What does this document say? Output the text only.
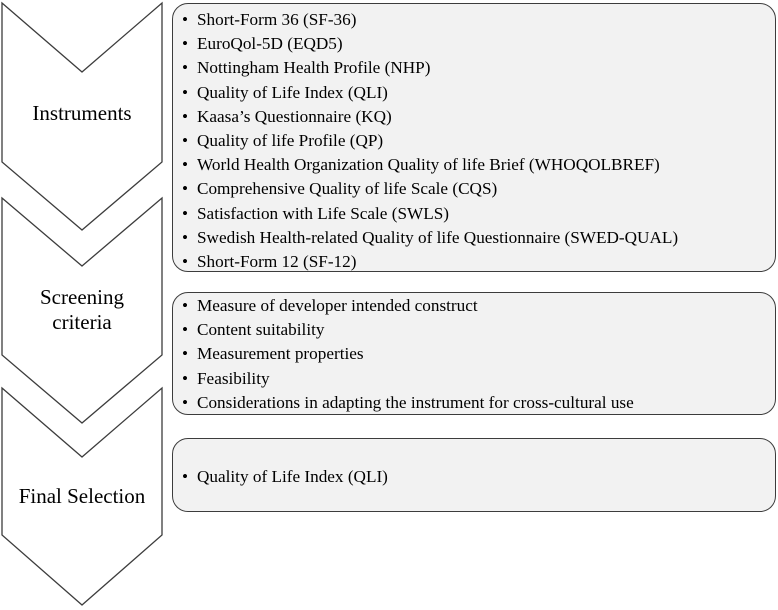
Instruments
Screening
criteria
Final Selection
• Short-Form 36 (SF-36)
• EuroQol-5D (EQD5)
• Nottingham Health Profile (NHP)
• Quality of Life Index (QLI)
• Kaasa’s Questionnaire (KQ)
• Quality of life Profile (QP)
• World Health Organization Quality of life Brief (WHOQOLBREF)
• Comprehensive Quality of life Scale (CQS)
• Satisfaction with Life Scale (SWLS)
• Swedish Health-related Quality of life Questionnaire (SWED-QUAL)
• Short-Form 12 (SF-12)
• Measure of developer intended construct
• Content suitability
• Measurement properties
• Feasibility
• Considerations in adapting the instrument for cross-cultural use
• Quality of Life Index (QLI)
